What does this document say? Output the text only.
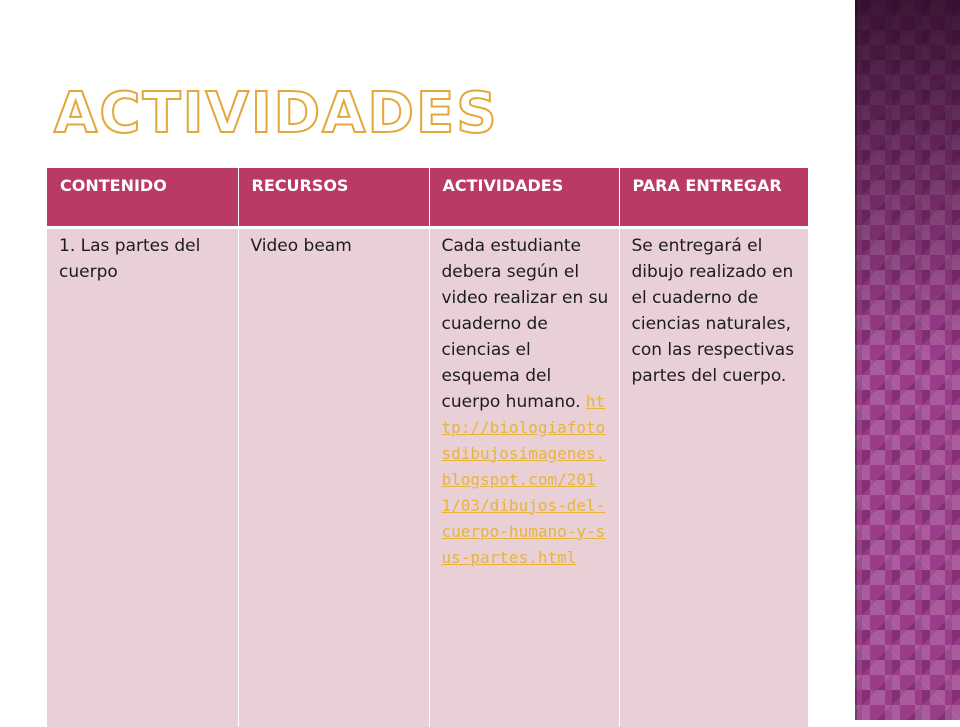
ACTIVIDADES
CONTENIDO	RECURSOS	ACTIVIDADES	PARA ENTREGAR
1. Las partes del cuerpo	Video beam	Cada estudiante debera según el video realizar en su cuaderno de ciencias el esquema del cuerpo humano. http://biologiafotosdibujosimagenes.blogspot.com/2011/03/dibujos-del-cuerpo-humano-y-sus-partes.html	Se entregará el dibujo realizado en el cuaderno de ciencias naturales, con las respectivas partes del cuerpo.
